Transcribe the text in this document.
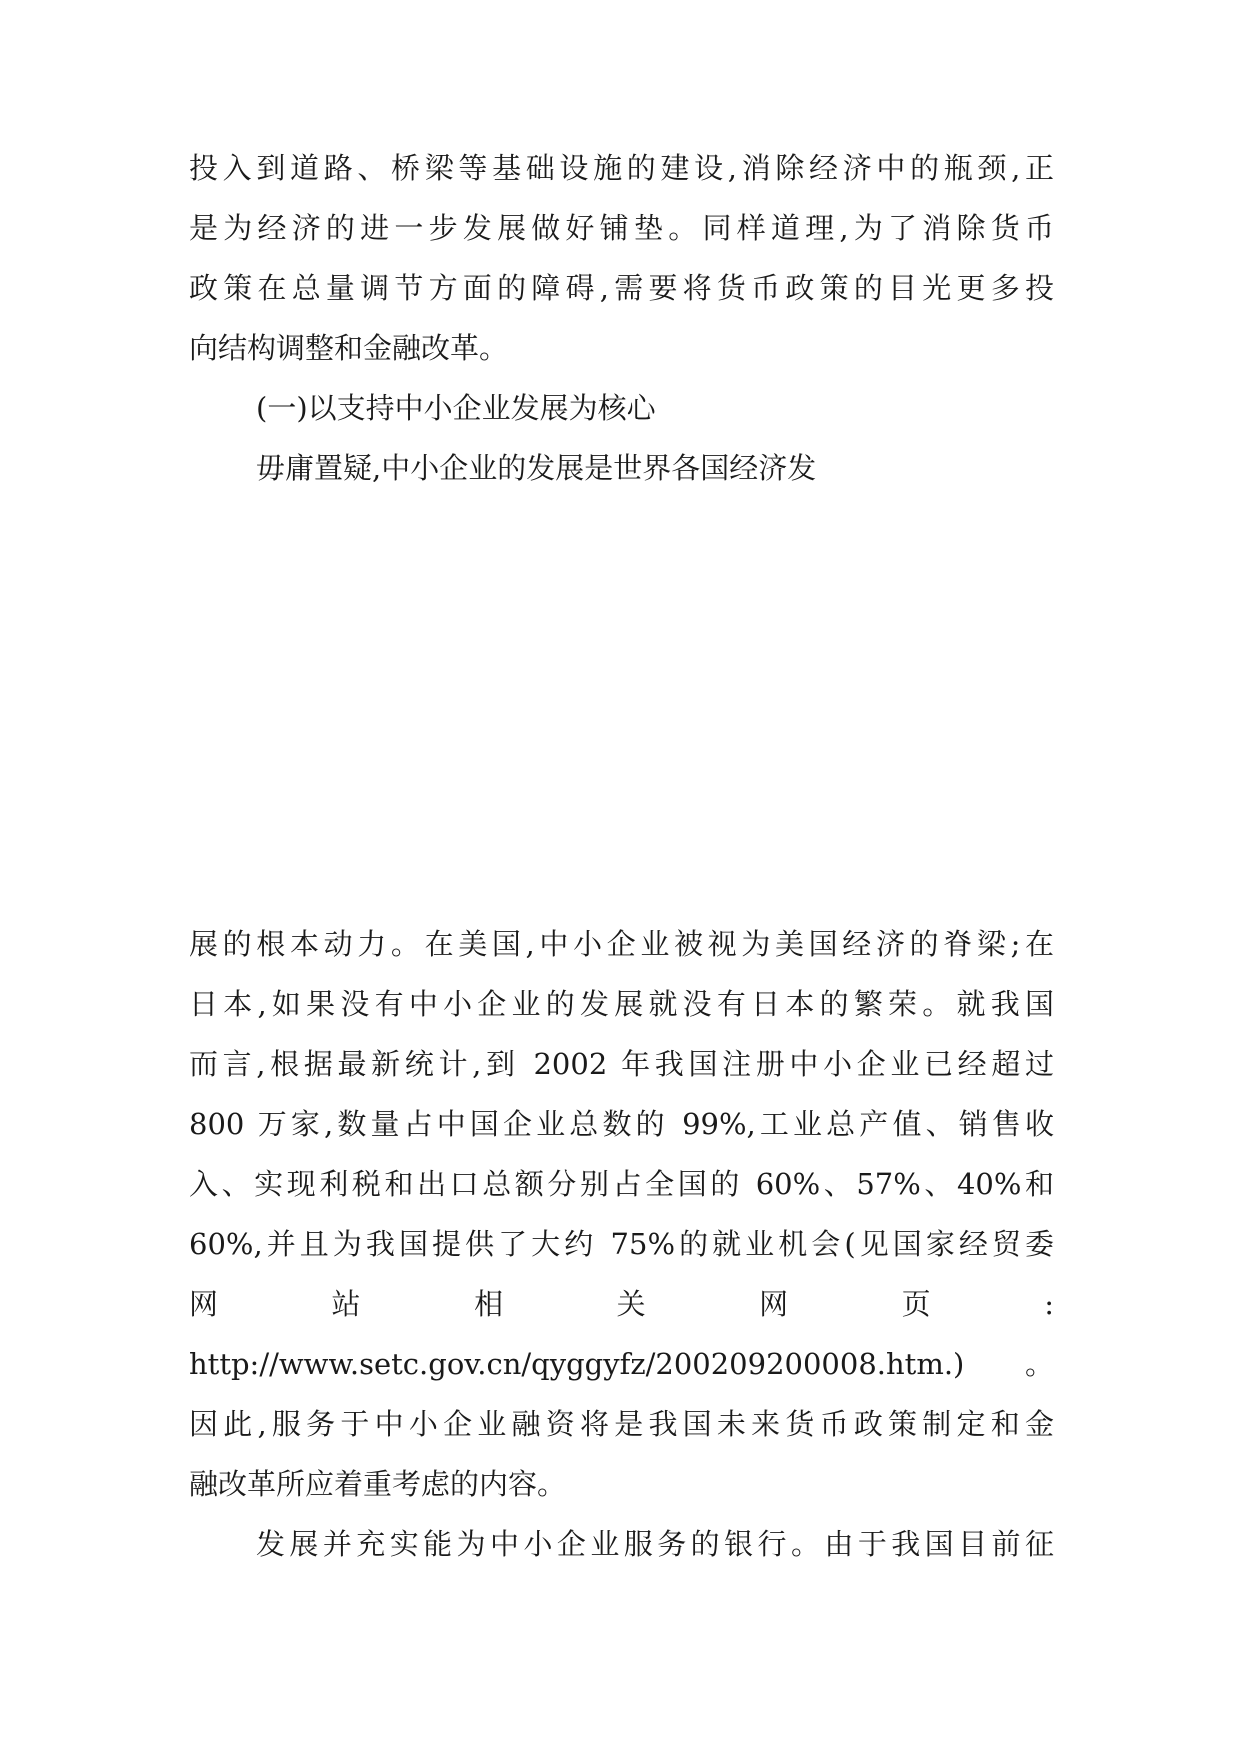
投入到道路、桥梁等基础设施的建设,消除经济中的瓶颈,正
是为经济的进一步发展做好铺垫。同样道理,为了消除货币
政策在总量调节方面的障碍,需要将货币政策的目光更多投
向结构调整和金融改革。
(一)以支持中小企业发展为核心
毋庸置疑,中小企业的发展是世界各国经济发
展的根本动力。在美国,中小企业被视为美国经济的脊梁;在
日本,如果没有中小企业的发展就没有日本的繁荣。就我国
而言,根据最新统计,到 2002 年我国注册中小企业已经超过
800 万家,数量占中国企业总数的 99%,工业总产值、销售收
入、实现利税和出口总额分别占全国的 60%、57%、40%和
60%,并且为我国提供了大约 75%的就业机会(见国家经贸委
网 站 相 关 网 页 :
http://www.setc.gov.cn/qyggyfz/200209200008.htm.)。
因此,服务于中小企业融资将是我国未来货币政策制定和金
融改革所应着重考虑的内容。
发展并充实能为中小企业服务的银行。由于我国目前征
